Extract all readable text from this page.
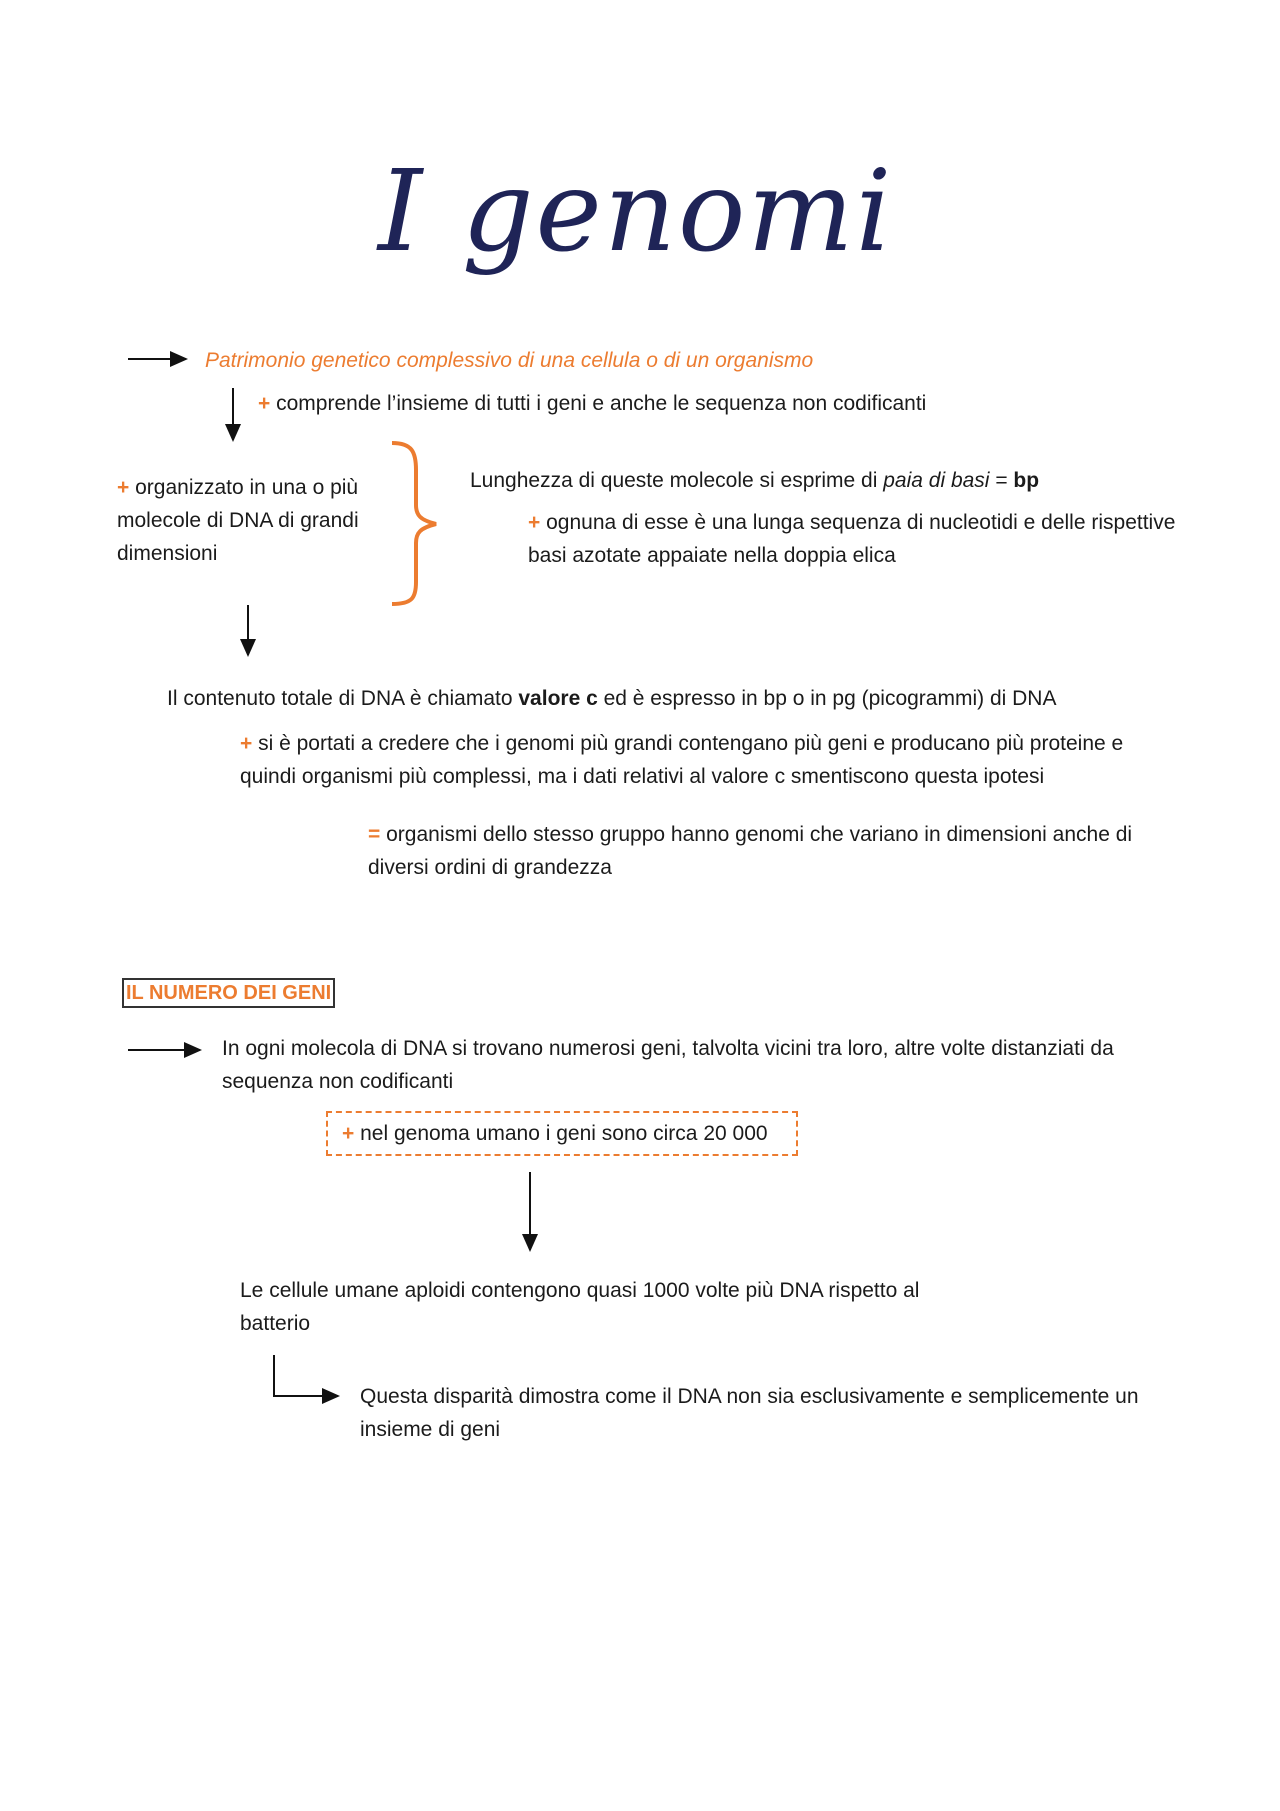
I genomi
Patrimonio genetico complessivo di una cellula o di un organismo
+ comprende l’insieme di tutti i geni e anche le sequenza non codificanti
+ organizzato in una o più
molecole di DNA di grandi
dimensioni
Lunghezza di queste molecole si esprime di paia di basi = bp
+ ognuna di esse è una lunga sequenza di nucleotidi e delle rispettive
basi azotate appaiate nella doppia elica
Il contenuto totale di DNA è chiamato valore c ed è espresso in bp o in pg (picogrammi) di DNA
+ si è portati a credere che i genomi più grandi contengano più geni e producano più proteine e
quindi organismi più complessi, ma i dati relativi al valore c smentiscono questa ipotesi
= organismi dello stesso gruppo hanno genomi che variano in dimensioni anche di
diversi ordini di grandezza
IL NUMERO DEI GENI
In ogni molecola di DNA si trovano numerosi geni, talvolta vicini tra loro, altre volte distanziati da
sequenza non codificanti
+ nel genoma umano i geni sono circa 20 000
Le cellule umane aploidi contengono quasi 1000 volte più DNA rispetto al
batterio
Questa disparità dimostra come il DNA non sia esclusivamente e semplicemente un
insieme di geni
